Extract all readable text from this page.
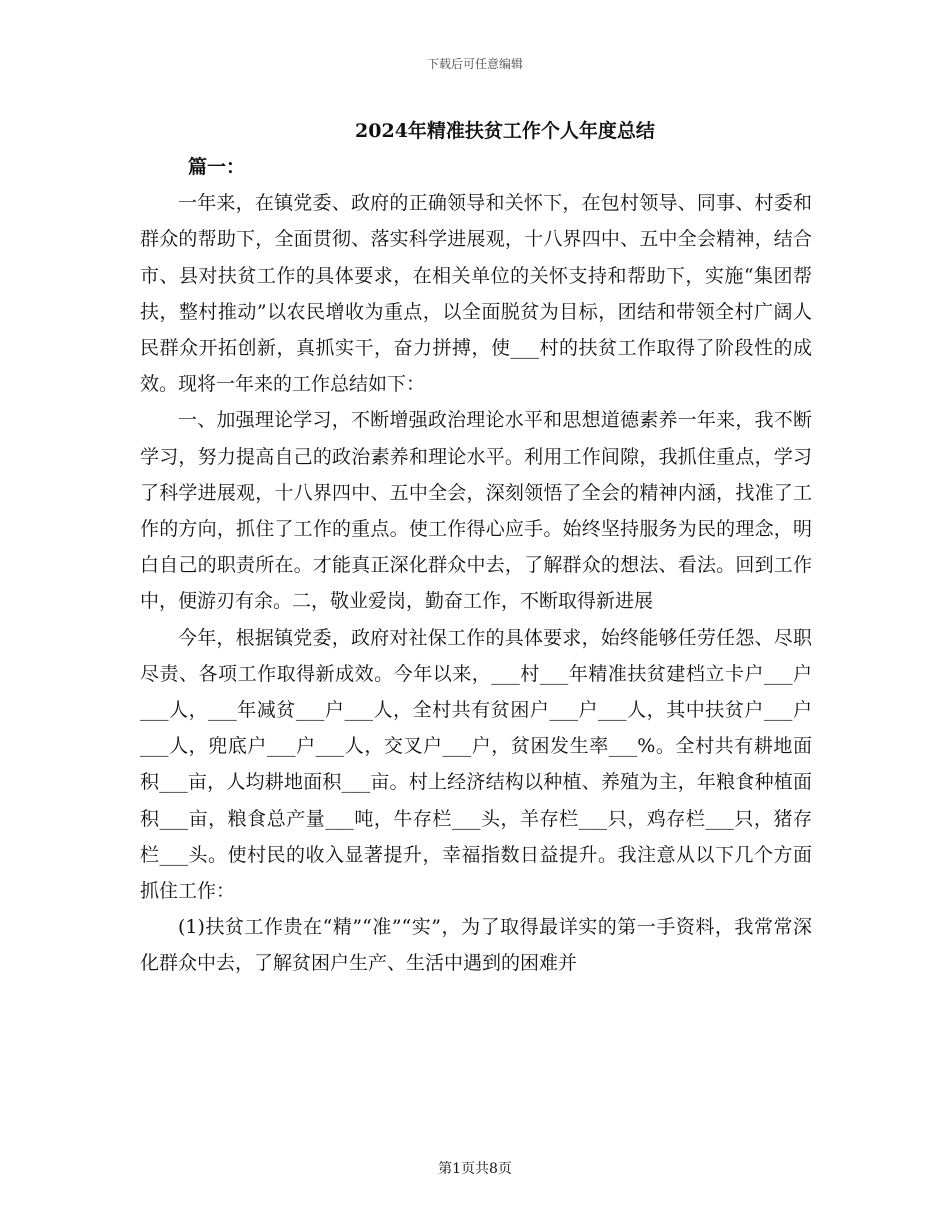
下载后可任意编辑
2024年精准扶贫工作个人年度总结

篇一：

一年来，在镇党委、政府的正确领导和关怀下，在包村领导、同事、村委和群众的帮助下，全面贯彻、落实科学进展观，十八界四中、五中全会精神，结合市、县对扶贫工作的具体要求，在相关单位的关怀支持和帮助下，实施“集团帮扶，整村推动”以农民增收为重点，以全面脱贫为目标，团结和带领全村广阔人民群众开拓创新，真抓实干，奋力拼搏，使___村的扶贫工作取得了阶段性的成效。现将一年来的工作总结如下：

一、加强理论学习，不断增强政治理论水平和思想道德素养一年来，我不断学习，努力提高自己的政治素养和理论水平。利用工作间隙，我抓住重点，学习了科学进展观，十八界四中、五中全会，深刻领悟了全会的精神内涵，找准了工作的方向，抓住了工作的重点。使工作得心应手。始终坚持服务为民的理念，明白自己的职责所在。才能真正深化群众中去，了解群众的想法、看法。回到工作中，便游刃有余。二，敬业爱岗，勤奋工作，不断取得新进展

今年，根据镇党委，政府对社保工作的具体要求，始终能够任劳任怨、尽职尽责、各项工作取得新成效。今年以来，___村___年精准扶贫建档立卡户___户___人，___年减贫___户___人，全村共有贫困户___户___人，其中扶贫户___户___人，兜底户___户___人，交叉户___户，贫困发生率___%。全村共有耕地面积___亩，人均耕地面积___亩。村上经济结构以种植、养殖为主，年粮食种植面积___亩，粮食总产量___吨，牛存栏___头，羊存栏___只，鸡存栏___只，猪存栏___头。使村民的收入显著提升，幸福指数日益提升。我注意从以下几个方面抓住工作：

(1)扶贫工作贵在“精”“准”“实”，为了取得最详实的第一手资料，我常常深化群众中去，了解贫困户生产、生活中遇到的困难并

第1页共8页
